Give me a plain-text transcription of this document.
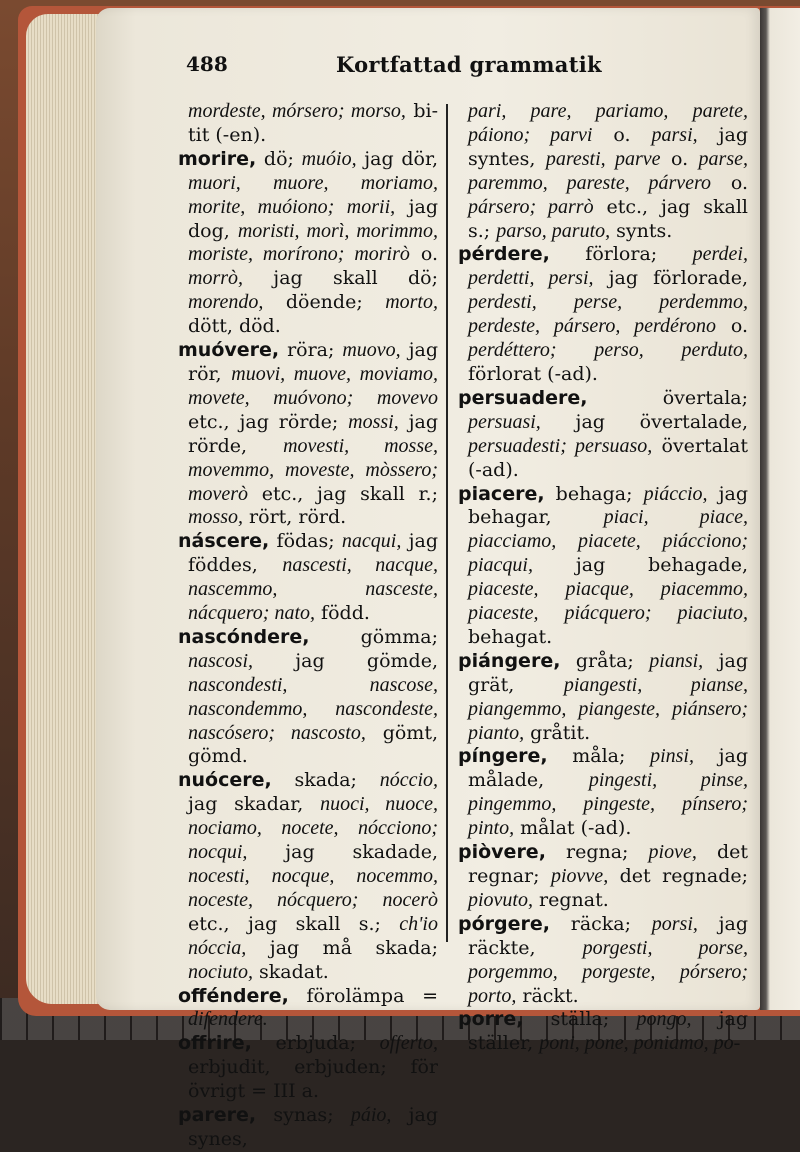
488	Kortfattad grammatik

mordeste, mórsero; morso, bi-tit (-en).

morire, dö; muóio, jag dör, muori, muore, moriamo, morite, muóiono; morii, jag dog, moristi, morì, morimmo, moriste, morírono; morirò o. morrò, jag skall dö; morendo, döende; morto, dött, död.

muóvere, röra; muovo, jag rör, muovi, muove, moviamo, movete, muóvono; movevo etc., jag rörde; mossi, jag rörde, movesti, mosse, movemmo, moveste, mòssero; moverò etc., jag skall r.; mosso, rört, rörd.

náscere, födas; nacqui, jag föddes, nascesti, nacque, nascemmo, nasceste, nácquero; nato, född.

nascóndere, gömma; nascosi, jag gömde, nascondesti, nascose, nascondemmo, nascondeste, nascósero; nascosto, gömt, gömd.

nuócere, skada; nóccio, jag skadar, nuoci, nuoce, nociamo, nocete, nócciono; nocqui, jag skadade, nocesti, nocque, nocemmo, noceste, nócquero; nocerò etc., jag skall s.; ch'io nóccia, jag må skada; nociuto, skadat.

offéndere, förolämpa = difendere.

offrire, erbjuda; offerto, erbjudit, erbjuden; för övrigt = III a.

parere, synas; páio, jag synes,

pari, pare, pariamo, parete, páiono; parvi o. parsi, jag syntes, paresti, parve o. parse, paremmo, pareste, párvero o. pársero; parrò etc., jag skall s.; parso, paruto, synts.

pérdere, förlora; perdei, perdetti, persi, jag förlorade, perdesti, perse, perdemmo, perdeste, pársero, perdérono o. perdéttero; perso, perduto, förlorat (-ad).

persuadere, övertala; persuasi, jag övertalade, persuadesti; persuaso, övertalat (-ad).

piacere, behaga; piáccio, jag behagar, piaci, piace, piacciamo, piacete, piácciono; piacqui, jag behagade, piaceste, piacque, piacemmo, piaceste, piácquero; piaciuto, behagat.

piángere, gråta; piansi, jag grät, piangesti, pianse, piangemmo, piangeste, piánsero; pianto, gråtit.

píngere, måla; pinsi, jag målade, pingesti, pinse, pingemmo, pingeste, pínsero; pinto, målat (-ad).

piòvere, regna; piove, det regnar; piovve, det regnade; piovuto, regnat.

pórgere, räcka; porsi, jag räckte, porgesti, porse, porgemmo, porgeste, pórsero; porto, räckt.

porre, ställa; pongo, jag ställer, poni, pone, poniamo, po-
